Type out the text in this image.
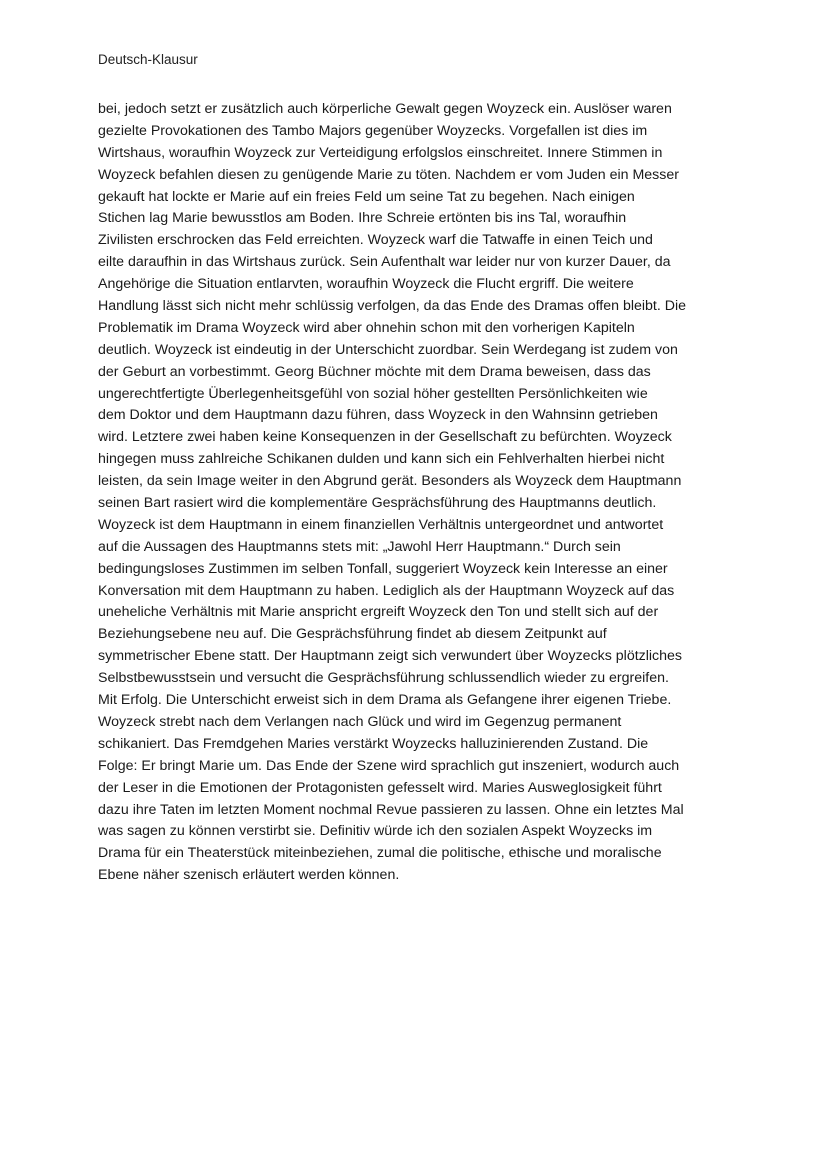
Deutsch-Klausur
bei, jedoch setzt er zusätzlich auch körperliche Gewalt gegen Woyzeck ein. Auslöser waren
gezielte Provokationen des Tambo Majors gegenüber Woyzecks. Vorgefallen ist dies im
Wirtshaus, woraufhin Woyzeck zur Verteidigung erfolgslos einschreitet. Innere Stimmen in
Woyzeck befahlen diesen zu genügende Marie zu töten. Nachdem er vom Juden ein Messer
gekauft hat lockte er Marie auf ein freies Feld um seine Tat zu begehen. Nach einigen
Stichen lag Marie bewusstlos am Boden. Ihre Schreie ertönten bis ins Tal, woraufhin
Zivilisten erschrocken das Feld erreichten. Woyzeck warf die Tatwaffe in einen Teich und
eilte daraufhin in das Wirtshaus zurück. Sein Aufenthalt war leider nur von kurzer Dauer, da
Angehörige die Situation entlarvten, woraufhin Woyzeck die Flucht ergriff. Die weitere
Handlung lässt sich nicht mehr schlüssig verfolgen, da das Ende des Dramas offen bleibt. Die
Problematik im Drama Woyzeck wird aber ohnehin schon mit den vorherigen Kapiteln
deutlich. Woyzeck ist eindeutig in der Unterschicht zuordbar. Sein Werdegang ist zudem von
der Geburt an vorbestimmt. Georg Büchner möchte mit dem Drama beweisen, dass das
ungerechtfertigte Überlegenheitsgefühl von sozial höher gestellten Persönlichkeiten wie
dem Doktor und dem Hauptmann dazu führen, dass Woyzeck in den Wahnsinn getrieben
wird. Letztere zwei haben keine Konsequenzen in der Gesellschaft zu befürchten. Woyzeck
hingegen muss zahlreiche Schikanen dulden und kann sich ein Fehlverhalten hierbei nicht
leisten, da sein Image weiter in den Abgrund gerät. Besonders als Woyzeck dem Hauptmann
seinen Bart rasiert wird die komplementäre Gesprächsführung des Hauptmanns deutlich.
Woyzeck ist dem Hauptmann in einem finanziellen Verhältnis untergeordnet und antwortet
auf die Aussagen des Hauptmanns stets mit: „Jawohl Herr Hauptmann.“ Durch sein
bedingungsloses Zustimmen im selben Tonfall, suggeriert Woyzeck kein Interesse an einer
Konversation mit dem Hauptmann zu haben. Lediglich als der Hauptmann Woyzeck auf das
uneheliche Verhältnis mit Marie anspricht ergreift Woyzeck den Ton und stellt sich auf der
Beziehungsebene neu auf. Die Gesprächsführung findet ab diesem Zeitpunkt auf
symmetrischer Ebene statt. Der Hauptmann zeigt sich verwundert über Woyzecks plötzliches
Selbstbewusstsein und versucht die Gesprächsführung schlussendlich wieder zu ergreifen.
Mit Erfolg. Die Unterschicht erweist sich in dem Drama als Gefangene ihrer eigenen Triebe.
Woyzeck strebt nach dem Verlangen nach Glück und wird im Gegenzug permanent
schikaniert. Das Fremdgehen Maries verstärkt Woyzecks halluzinierenden Zustand. Die
Folge: Er bringt Marie um. Das Ende der Szene wird sprachlich gut inszeniert, wodurch auch
der Leser in die Emotionen der Protagonisten gefesselt wird. Maries Ausweglosigkeit führt
dazu ihre Taten im letzten Moment nochmal Revue passieren zu lassen. Ohne ein letztes Mal
was sagen zu können verstirbt sie. Definitiv würde ich den sozialen Aspekt Woyzecks im
Drama für ein Theaterstück miteinbeziehen, zumal die politische, ethische und moralische
Ebene näher szenisch erläutert werden können.
